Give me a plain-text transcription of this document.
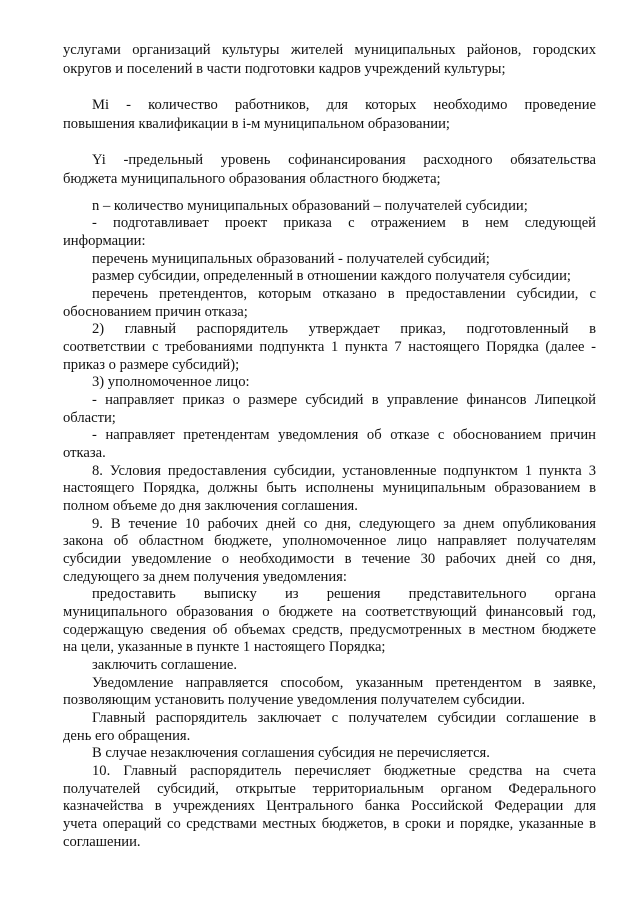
услугами организаций культуры жителей муниципальных районов, городских
округов и поселений в части подготовки кадров учреждений культуры;
Mi - количество работников, для которых необходимо проведение
повышения квалификации в i-м муниципальном образовании;
Yi -предельный уровень софинансирования расходного обязательства
бюджета муниципального образования областного бюджета;
n – количество муниципальных образований – получателей субсидии;
- подготавливает проект приказа с отражением в нем следующей
информации:
перечень муниципальных образований - получателей субсидий;
размер субсидии, определенный в отношении каждого получателя субсидии;
перечень претендентов, которым отказано в предоставлении субсидии, с
обоснованием причин отказа;
2) главный распорядитель утверждает приказ, подготовленный в
соответствии с требованиями подпункта 1 пункта 7 настоящего Порядка (далее -
приказ о размере субсидий);
3) уполномоченное лицо:
- направляет приказ о размере субсидий в управление финансов Липецкой
области;
- направляет претендентам уведомления об отказе с обоснованием причин
отказа.
8. Условия предоставления субсидии, установленные подпунктом 1 пункта 3
настоящего Порядка, должны быть исполнены муниципальным образованием в
полном объеме до дня заключения соглашения.
9. В течение 10 рабочих дней со дня, следующего за днем опубликования
закона об областном бюджете, уполномоченное лицо направляет получателям
субсидии уведомление о необходимости в течение 30 рабочих дней со дня,
следующего за днем получения уведомления:
предоставить выписку из решения представительного органа
муниципального образования о бюджете на соответствующий финансовый год,
содержащую сведения об объемах средств, предусмотренных в местном бюджете
на цели, указанные в пункте 1 настоящего Порядка;
заключить соглашение.
Уведомление направляется способом, указанным претендентом в заявке,
позволяющим установить получение уведомления получателем субсидии.
Главный распорядитель заключает с получателем субсидии соглашение в
день его обращения.
В случае незаключения соглашения субсидия не перечисляется.
10. Главный распорядитель перечисляет бюджетные средства на счета
получателей субсидий, открытые территориальным органом Федерального
казначейства в учреждениях Центрального банка Российской Федерации для
учета операций со средствами местных бюджетов, в сроки и порядке, указанные в
соглашении.
